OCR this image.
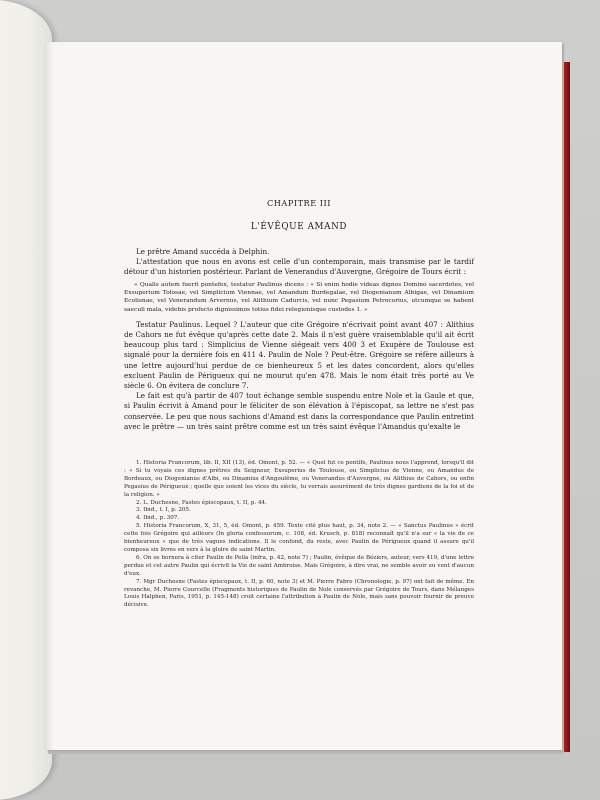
CHAPITRE III
L'ÉVÊQUE AMAND

Le prêtre Amand succéda à Delphin.

L'attestation que nous en avons est celle d'un contemporain, mais transmise par le tardif détour d'un historien postérieur. Parlant de Venerandus d'Auvergne, Grégoire de Tours écrit :

« Qualis autem fuerit pontefex, testatur Paulinus dicens : « Si enim hodie videas dignos Domino sacerdotes, vel Exsuperium Tolosae, vel Simplicium Viennae, vel Amandum Burdegalae, vel Diogenianum Albigae, vel Dinamium Ecolisnae, vel Venerandum Arvernus, vel Alithium Cadurcis, vel nunc Pegasium Petrocorius, utcumque se habent saeculi mala, videbis profecto dignissimos totius fidei relegionisque custodes 1. »

Testatur Paulinus. Lequel ? L'auteur que cite Grégoire n'écrivait point avant 407 : Alithius de Cahors ne fut évêque qu'après cette date 2. Mais il n'est guère vraisemblable qu'il ait écrit beaucoup plus tard : Simplicius de Vienne siégeait vers 400 3 et Exupère de Toulouse est signalé pour la dernière fois en 411 4. Paulin de Nole ? Peut-être. Grégoire se réfère ailleurs à une lettre aujourd'hui perdue de ce bienheureux 5 et les dates concordent, alors qu'elles excluent Paulin de Périgueux qui ne mourut qu'en 478. Mais le nom était très porté au Ve siècle 6. On évitera de conclure 7.

Le fait est qu'à partir de 407 tout échange semble suspendu entre Nole et la Gaule et que, si Paulin écrivit à Amand pour le féliciter de son élévation à l'épiscopat, sa lettre ne s'est pas conservée. Le peu que nous sachions d'Amand est dans la correspondance que Paulin entretint avec le prêtre — un très saint prêtre comme est un très saint évêque l'Amandus qu'exalte le

1. Historia Francorum, lib. II, XII (13), éd. Omont, p. 52. — « Quel fut ce pontife, Paulinus nous l'apprend, lorsqu'il dit : « Si tu voyais ces dignes prêtres du Seigneur, Exsuperius de Toulouse, ou Simplicius de Vienne, ou Amandus de Bordeaux, ou Diogenianus d'Albi, ou Dinamius d'Angoulême, ou Venerandus d'Auvergne, ou Alithius de Cahors, ou enfin Pegasius de Périgueux ; quelle que soient les vices du siècle, tu verrais assurément de très dignes gardiens de la foi et de la religion. »

2. L. Duchesne, Fastes épiscopaux, t. II, p. 44.

3. Ibid., t. I, p. 205.

4. Ibid., p. 307.

5. Historia Francorum, X, 31, 5, éd. Omont, p. 459. Texte cité plus haut, p. 34, note 2. — « Sanctus Paulinus » écrit cette fois Grégoire qui ailleurs (In gloria confessorum, c. 108, éd. Krusch, p. 818) reconnaît qu'il n'a sur « la vie de ce bienheureux » que de très vagues indications. Il le confond, du reste, avec Paulin de Périgueux quand il assure qu'il composa six livres en vers à la gloire de saint Martin.

6. On se bornera à citer Paulin de Pella (infra, p. 42, note 7) ; Paulin, évêque de Béziers, auteur, vers 419, d'une lettre perdue et cet autre Paulin qui écrivit la Vie de saint Ambroise. Mais Grégoire, à dire vrai, ne semble avoir eu vent d'aucun d'eux.

7. Mgr Duchesne (Fastes épiscopaux, t. II, p. 60, note 3) et M. Pierre Fabre (Chronologie, p. 97) ont fait de même. En revanche, M. Pierre Courcelle (Fragments historiques de Paulin de Nole conservés par Grégoire de Tours, dans Mélanges Louis Halphen, Paris, 1951, p. 145-148) croit certaine l'attribution à Paulin de Nole, mais sans pouvoir fournir de preuve décisive.
